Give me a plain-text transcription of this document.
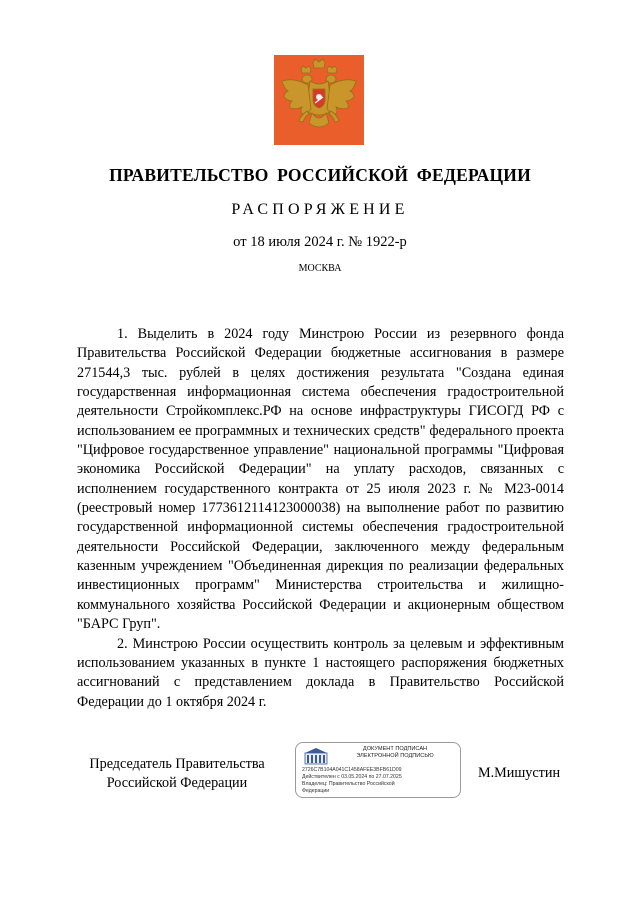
ПРАВИТЕЛЬСТВО РОССИЙСКОЙ ФЕДЕРАЦИИ
РАСПОРЯЖЕНИЕ
от 18 июля 2024 г. № 1922-р
МОСКВА

1. Выделить в 2024 году Минстрою России из резервного фонда Правительства Российской Федерации бюджетные ассигнования в размере 271544,3 тыс. рублей в целях достижения результата "Создана единая государственная информационная система обеспечения градостроительной деятельности Стройкомплекс.РФ на основе инфраструктуры ГИСОГД РФ с использованием ее программных и технических средств" федерального проекта "Цифровое государственное управление" национальной программы "Цифровая экономика Российской Федерации" на уплату расходов, связанных с исполнением государственного контракта от 25 июля 2023 г. № М23-0014 (реестровый номер 1773612114123000038) на выполнение работ по развитию государственной информационной системы обеспечения градостроительной деятельности Российской Федерации, заключенного между федеральным казенным учреждением "Объединенная дирекция по реализации федеральных инвестиционных программ" Министерства строительства и жилищно-коммунального хозяйства Российской Федерации и акционерным обществом "БАРС Груп".

2. Минстрою России осуществить контроль за целевым и эффективным использованием указанных в пункте 1 настоящего распоряжения бюджетных ассигнований с представлением доклада в Правительство Российской Федерации до 1 октября 2024 г.

Председатель Правительства
Российской Федерации
ДОКУМЕНТ ПОДПИСАН
ЭЛЕКТРОННОЙ ПОДПИСЬЮ
2726C7B104A041C1458AFEE3BFB61D09
Действителен с 03.05.2024 по 27.07.2025
Владелец: Правительство Российской
Федерации
М.Мишустин
